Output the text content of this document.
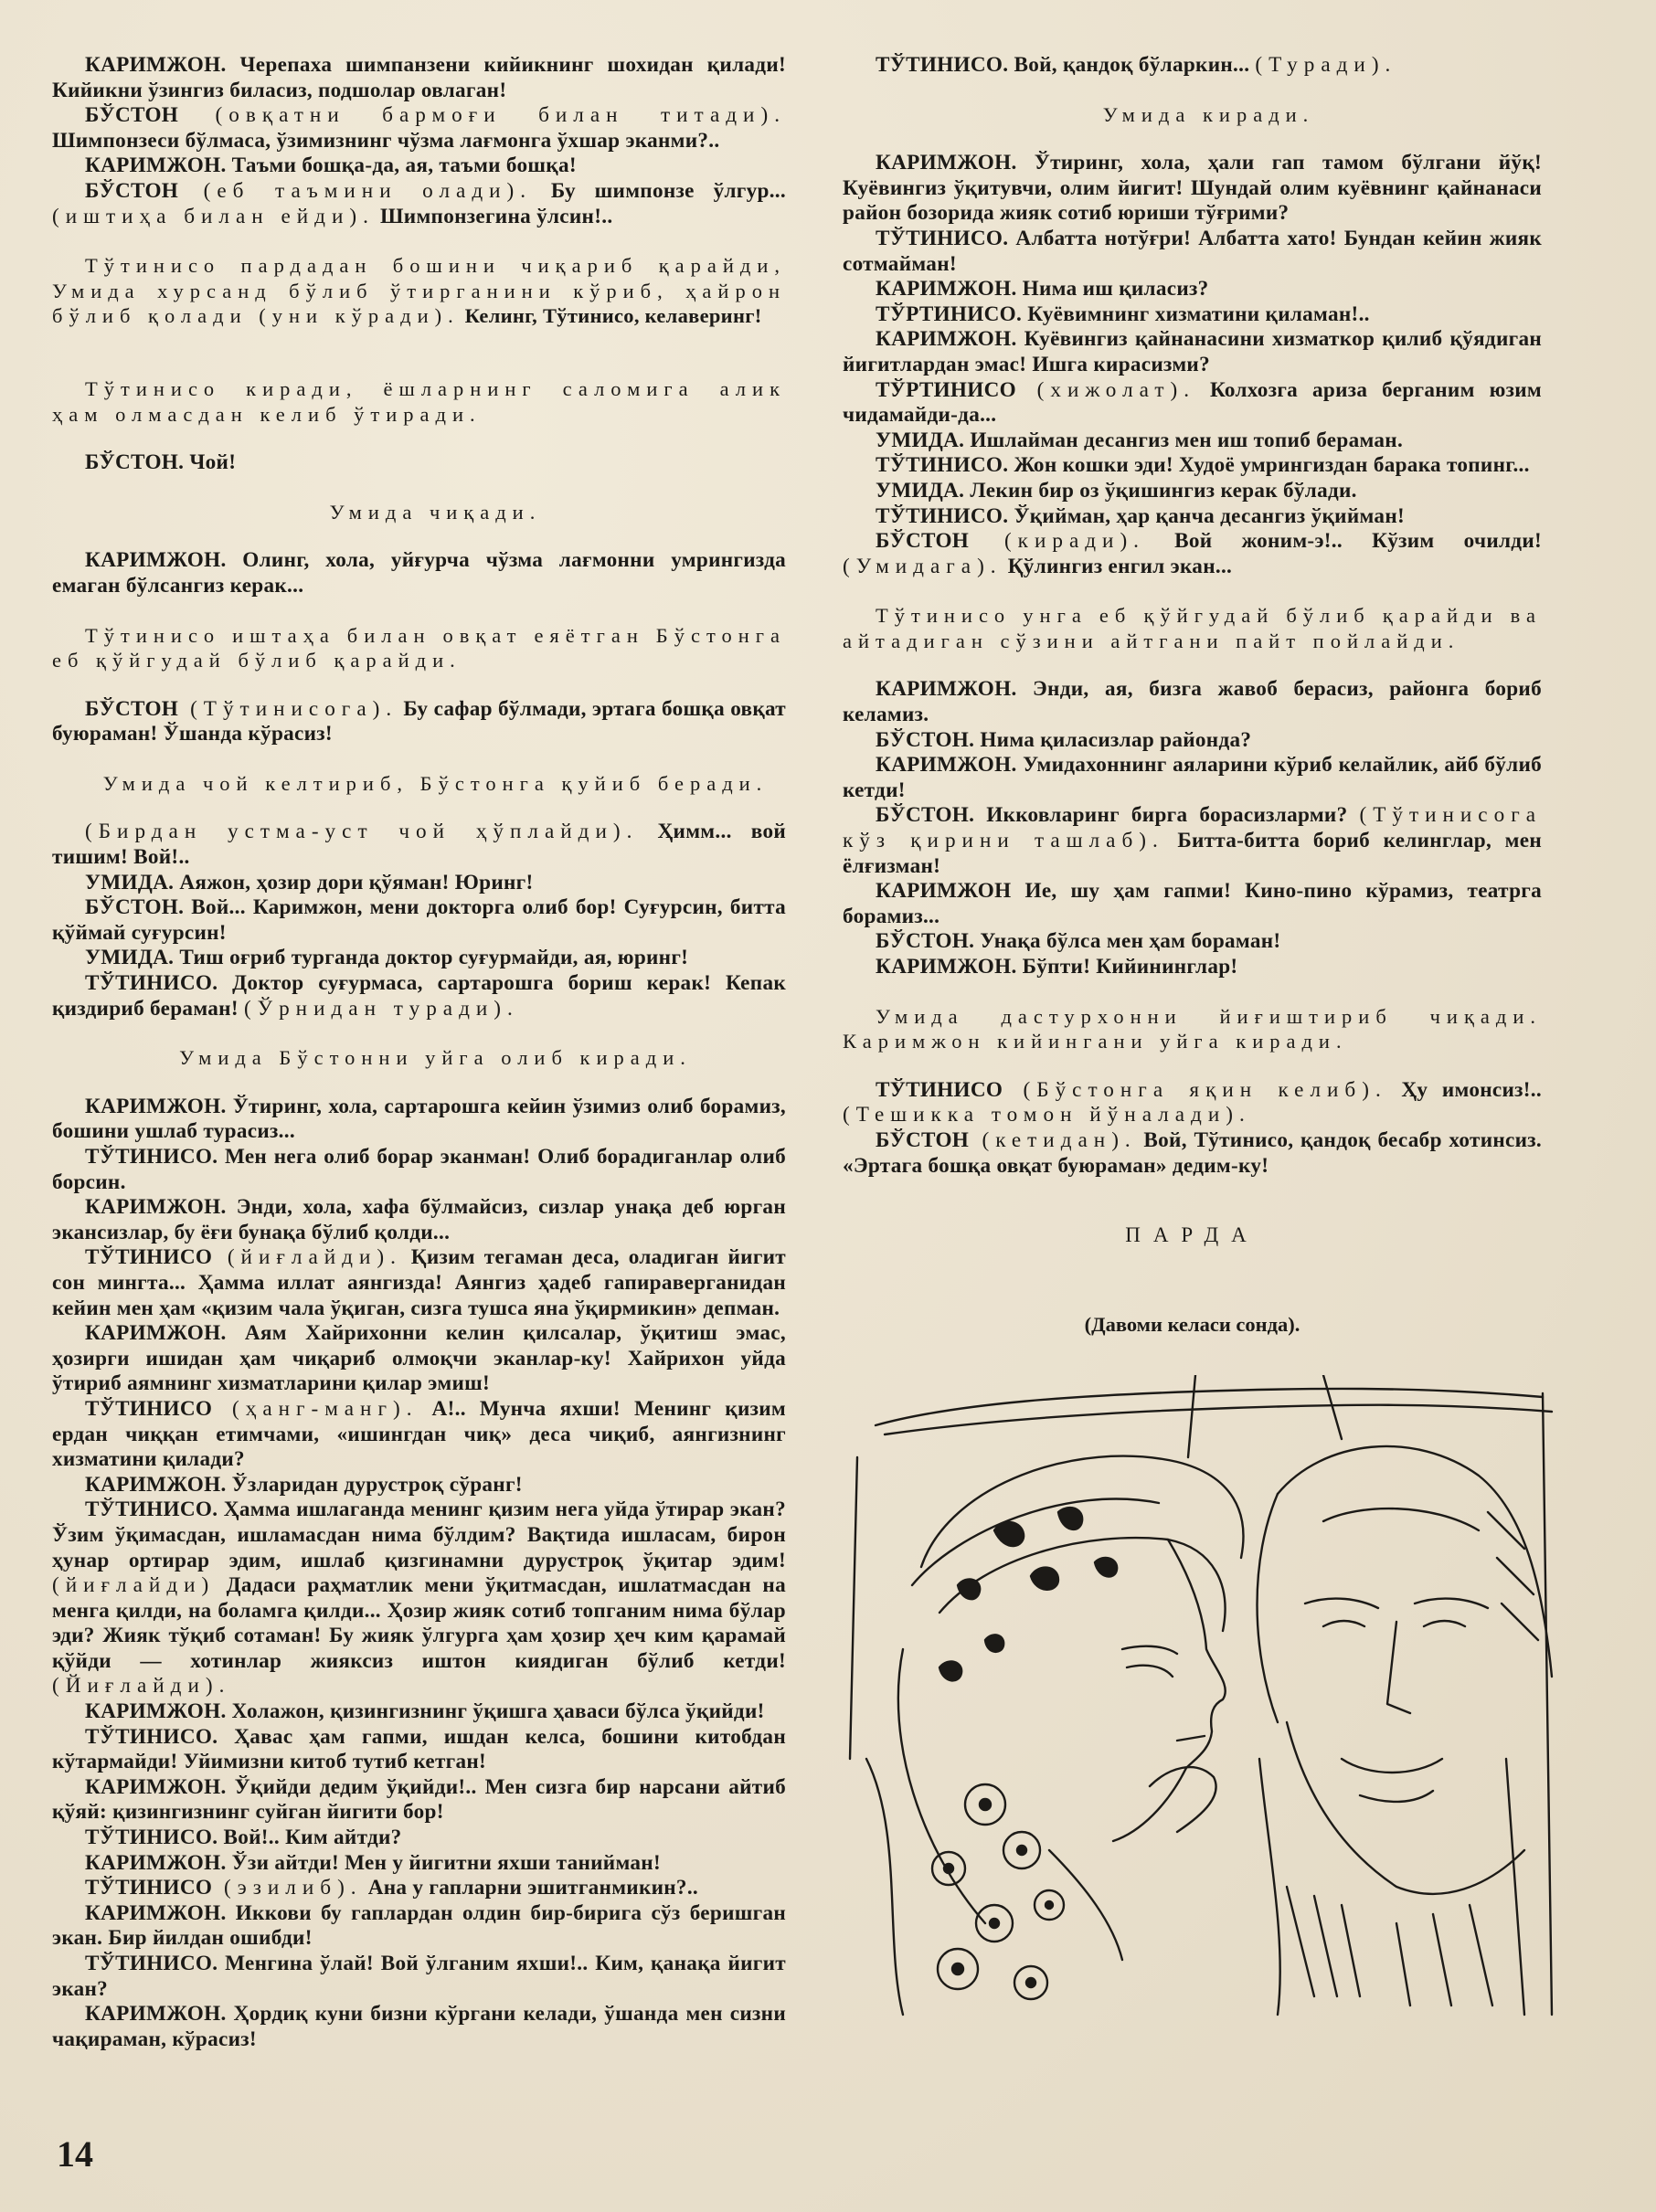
КАРИМЖОН. Черепаха шимпанзени кийикнинг шохидан қилади! Кийикни ўзингиз биласиз, подшолар овлаган!

БЎСТОН (овқатни бармоғи билан титади). Шимпонзеси бўлмаса, ўзимизнинг чўзма лағмонга ўхшар эканми?..

КАРИМЖОН. Таъми бошқа-да, ая, таъми бошқа!

БЎСТОН (еб таъмини олади). Бу шимпонзе ўлгур... (иштиҳа билан ейди). Шимпонзегина ўлсин!..

Тўтинисо пардадан бошини чиқариб қарайди, Умида хурсанд бўлиб ўтирганини кўриб, ҳайрон бўлиб қолади (уни кўради). Келинг, Тўтинисо, келаверинг!

Тўтинисо киради, ёшларнинг саломига алик ҳам олмасдан келиб ўтиради.

БЎСТОН. Чой!

Умида чиқади.

КАРИМЖОН. Олинг, хола, уйғурча чўзма лағмонни умрингизда емаган бўлсангиз керак...

Тўтинисо иштаҳа билан овқат еяётган Бўстонга еб қўйгудай бўлиб қарайди.

БЎСТОН (Тўтинисога). Бу сафар бўлмади, эртага бошқа овқат буюраман! Ўшанда кўрасиз!

Умида чой келтириб, Бўстонга қуйиб беради.

(Бирдан устма-уст чой ҳўплайди). Ҳимм... вой тишим! Вой!..

УМИДА. Аяжон, ҳозир дори қўяман! Юринг!

БЎСТОН. Вой... Каримжон, мени докторга олиб бор! Суғурсин, битта қўймай суғурсин!

УМИДА. Тиш оғриб турганда доктор суғурмайди, ая, юринг!

ТЎТИНИСО. Доктор суғурмаса, сартарошга бориш керак! Кепак қиздириб бераман! (Ўрнидан туради).

Умида Бўстонни уйга олиб киради.

КАРИМЖОН. Ўтиринг, хола, сартарошга кейин ўзимиз олиб борамиз, бошини ушлаб турасиз...

ТЎТИНИСО. Мен нега олиб борар эканман! Олиб борадиганлар олиб борсин.

КАРИМЖОН. Энди, хола, хафа бўлмайсиз, сизлар унақа деб юрган экансизлар, бу ёғи бунақа бўлиб қолди...

ТЎТИНИСО (йиғлайди). Қизим тегаман деса, оладиган йигит сон мингта... Ҳамма иллат аянгизда! Аянгиз ҳадеб гапираверганидан кейин мен ҳам «қизим чала ўқиган, сизга тушса яна ўқирмикин» депман.

КАРИМЖОН. Аям Хайрихонни келин қилсалар, ўқитиш эмас, ҳозирги ишидан ҳам чиқариб олмоқчи эканлар-ку! Хайрихон уйда ўтириб аямнинг хизматларини қилар эмиш!

ТЎТИНИСО (ҳанг-манг). А!.. Мунча яхши! Менинг қизим ердан чиққан етимчами, «ишингдан чиқ» деса чиқиб, аянгизнинг хизматини қилади?

КАРИМЖОН. Ўзларидан дурустроқ сўранг!

ТЎТИНИСО. Ҳамма ишлаганда менинг қизим нега уйда ўтирар экан? Ўзим ўқимасдан, ишламасдан нима бўлдим? Вақтида ишласам, бирон ҳунар ортирар эдим, ишлаб қизгинамни дурустроқ ўқитар эдим! (йиғлайди) Дадаси раҳматлик мени ўқитмасдан, ишлатмасдан на менга қилди, на боламга қилди... Ҳозир жияк сотиб топганим нима бўлар эди? Жияк тўқиб сотаман! Бу жияк ўлгурга ҳам ҳозир ҳеч ким қарамай қўйди — хотинлар жияксиз иштон киядиган бўлиб кетди! (Йиғлайди).

КАРИМЖОН. Холажон, қизингизнинг ўқишга ҳаваси бўлса ўқийди!

ТЎТИНИСО. Ҳавас ҳам гапми, ишдан келса, бошини китобдан кўтармайди! Уйимизни китоб тутиб кетган!

КАРИМЖОН. Ўқийди дедим ўқийди!.. Мен сизга бир нарсани айтиб қўяй: қизингизнинг суйган йигити бор!

ТЎТИНИСО. Вой!.. Ким айтди?

КАРИМЖОН. Ўзи айтди! Мен у йигитни яхши танийман!

ТЎТИНИСО (эзилиб). Ана у гапларни эшитганмикин?..

КАРИМЖОН. Иккови бу гаплардан олдин бир-бирига сўз беришган экан. Бир йилдан ошибди!

ТЎТИНИСО. Менгина ўлай! Вой ўлганим яхши!.. Ким, қанақа йигит экан?

КАРИМЖОН. Ҳордиқ куни бизни кўргани келади, ўшанда мен сизни чақираман, кўрасиз!

ТЎТИНИСО. Вой, қандоқ бўларкин... (Туради).

Умида киради.

КАРИМЖОН. Ўтиринг, хола, ҳали гап тамом бўлгани йўқ! Куёвингиз ўқитувчи, олим йигит! Шундай олим куёвнинг қайнанаси район бозорида жияк сотиб юриши тўғрими?

ТЎТИНИСО. Албатта нотўғри! Албатта хато! Бундан кейин жияк сотмайман!

КАРИМЖОН. Нима иш қиласиз?

ТЎРТИНИСО. Куёвимнинг хизматини қиламан!..

КАРИМЖОН. Куёвингиз қайнанасини хизматкор қилиб қўядиган йигитлардан эмас! Ишга кирасизми?

ТЎРТИНИСО (хижолат). Колхозга ариза берганим юзим чидамайди-да...

УМИДА. Ишлайман десангиз мен иш топиб бераман.

ТЎТИНИСО. Жон кошки эди! Худоё умрингиздан барака топинг...

УМИДА. Лекин бир оз ўқишингиз керак бўлади.

ТЎТИНИСО. Ўқийман, ҳар қанча десангиз ўқийман!

БЎСТОН (киради). Вой жоним-э!.. Кўзим очилди! (Умидага). Қўлингиз енгил экан...

Тўтинисо унга еб қўйгудай бўлиб қарайди ва айтадиган сўзини айтгани пайт пойлайди.

КАРИМЖОН. Энди, ая, бизга жавоб берасиз, районга бориб келамиз.

БЎСТОН. Нима қиласизлар районда?

КАРИМЖОН. Умидахоннинг аяларини кўриб келайлик, айб бўлиб кетди!

БЎСТОН. Икковларинг бирга борасизларми? (Тўтинисога кўз қирини ташлаб). Битта-битта бориб келинглар, мен ёлғизман!

КАРИМЖОН Ие, шу ҳам гапми! Кино-пино кўрамиз, театрга борамиз...

БЎСТОН. Унақа бўлса мен ҳам бораман!

КАРИМЖОН. Бўпти! Кийининглар!

Умида дастурхонни йиғиштириб чиқади. Каримжон кийингани уйга киради.

ТЎТИНИСО (Бўстонга яқин келиб). Ҳу имонсиз!.. (Тешикка томон йўналади).

БЎСТОН (кетидан). Вой, Тўтинисо, қандоқ бесабр хотинсиз. «Эртага бошқа овқат буюраман» дедим-ку!

ПАРДА
(Давоми келаси сонда).
14
